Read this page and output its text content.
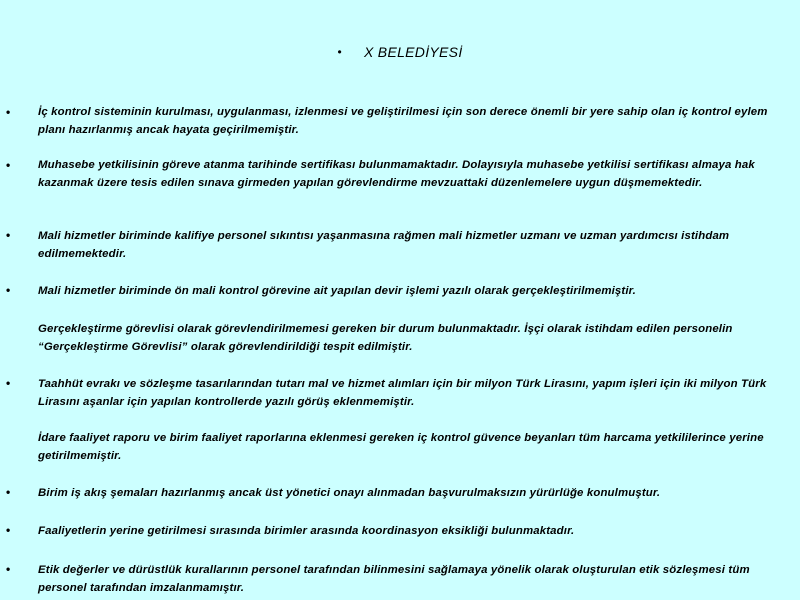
• X BELEDİYESİ
• İç kontrol sisteminin kurulması, uygulanması, izlenmesi ve geliştirilmesi için son derece önemli bir yere sahip olan iç kontrol eylem planı hazırlanmış ancak hayata geçirilmemiştir.
• Muhasebe yetkilisinin göreve atanma tarihinde sertifikası bulunmamaktadır. Dolayısıyla muhasebe yetkilisi sertifikası almaya hak kazanmak üzere tesis edilen sınava girmeden yapılan görevlendirme mevzuattaki düzenlemelere uygun düşmemektedir.
• Mali hizmetler biriminde kalifiye personel sıkıntısı yaşanmasına rağmen mali hizmetler uzmanı ve uzman yardımcısı istihdam edilmemektedir.
• Mali hizmetler biriminde ön mali kontrol görevine ait yapılan devir işlemi yazılı olarak gerçekleştirilmemiştir.
Gerçekleştirme görevlisi olarak görevlendirilmemesi gereken bir durum bulunmaktadır. İşçi olarak istihdam edilen personelin “Gerçekleştirme Görevlisi” olarak görevlendirildiği tespit edilmiştir.
• Taahhüt evrakı ve sözleşme tasarılarından tutarı mal ve hizmet alımları için bir milyon Türk Lirasını, yapım işleri için iki milyon Türk Lirasını aşanlar için yapılan kontrollerde yazılı görüş eklenmemiştir.
İdare faaliyet raporu ve birim faaliyet raporlarına eklenmesi gereken iç kontrol güvence beyanları tüm harcama yetkililerince yerine getirilmemiştir.
• Birim iş akış şemaları hazırlanmış ancak üst yönetici onayı alınmadan başvurulmaksızın yürürlüğe konulmuştur.
• Faaliyetlerin yerine getirilmesi sırasında birimler arasında koordinasyon eksikliği bulunmaktadır.
• Etik değerler ve dürüstlük kurallarının personel tarafından bilinmesini sağlamaya yönelik olarak oluşturulan etik sözleşmesi tüm personel tarafından imzalanmamıştır.
